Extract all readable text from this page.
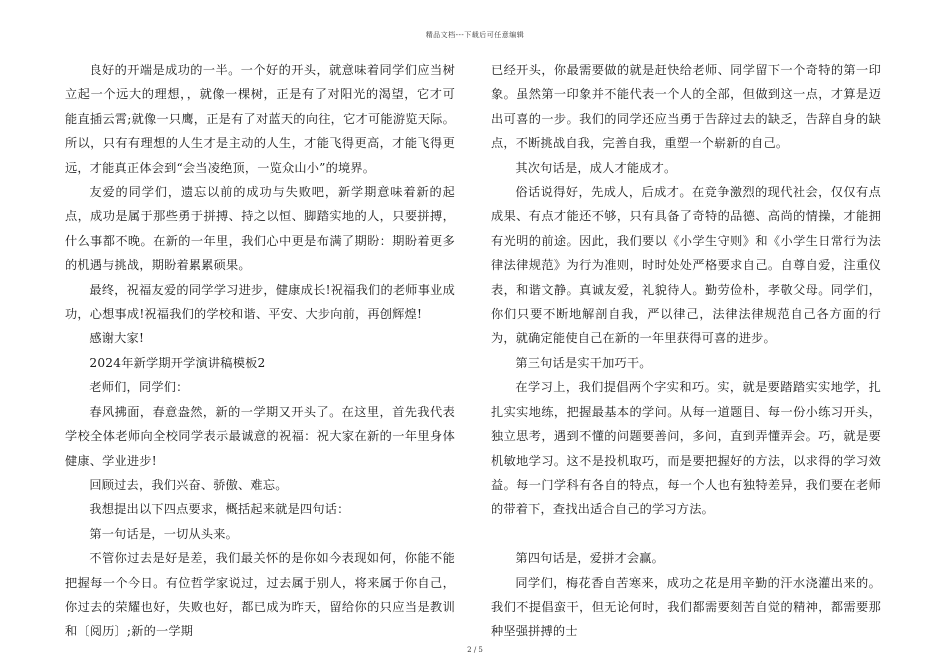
精品文档---下载后可任意编辑

良好的开端是成功的一半。一个好的开头，就意味着同学们应当树立起一个远大的理想，，就像一棵树，正是有了对阳光的渴望，它才可能直插云霄;就像一只鹰，正是有了对蓝天的向往，它才可能游览天际。所以，只有有理想的人生才是主动的人生，才能飞得更高，才能飞得更远，才能真正体会到“会当凌绝顶，一览众山小”的境界。

友爱的同学们，遗忘以前的成功与失败吧，新学期意味着新的起点，成功是属于那些勇于拼搏、持之以恒、脚踏实地的人，只要拼搏，什么事都不晚。在新的一年里，我们心中更是布满了期盼：期盼着更多的机遇与挑战，期盼着累累硕果。

最终，祝福友爱的同学学习进步，健康成长!祝福我们的老师事业成功，心想事成!祝福我们的学校和谐、平安、大步向前，再创辉煌!

感谢大家!

2024年新学期开学演讲稿模板2

老师们，同学们：

春风拂面，春意盎然，新的一学期又开头了。在这里，首先我代表学校全体老师向全校同学表示最诚意的祝福：祝大家在新的一年里身体健康、学业进步!

回顾过去，我们兴奋、骄傲、难忘。

我想提出以下四点要求，概括起来就是四句话：

第一句话是，一切从头来。

不管你过去是好是差，我们最关怀的是你如今表现如何，你能不能把握每一个今日。有位哲学家说过，过去属于别人，将来属于你自己，你过去的荣耀也好，失败也好，都已成为昨天，留给你的只应当是教训和〔阅历〕;新的一学期

已经开头，你最需要做的就是赶快给老师、同学留下一个奇特的第一印象。虽然第一印象并不能代表一个人的全部，但做到这一点，才算是迈出可喜的一步。我们的同学还应当勇于告辞过去的缺乏，告辞自身的缺点，不断挑战自我，完善自我，重塑一个崭新的自己。

其次句话是，成人才能成才。

俗话说得好，先成人，后成才。在竞争激烈的现代社会，仅仅有点成果、有点才能还不够，只有具备了奇特的品德、高尚的情操，才能拥有光明的前途。因此，我们要以《小学生守则》和《小学生日常行为法律法律规范》为行为准则，时时处处严格要求自己。自尊自爱，注重仪表，和谐文静。真诚友爱，礼貌待人。勤劳俭朴，孝敬父母。同学们，你们只要不断地解剖自我，严以律己，法律法律规范自己各方面的行为，就确定能使自己在新的一年里获得可喜的进步。

第三句话是实干加巧干。

在学习上，我们提倡两个字实和巧。实，就是要踏踏实实地学，扎扎实实地练，把握最基本的学问。从每一道题目、每一份小练习开头，独立思考，遇到不懂的问题要善问，多问，直到弄懂弄会。巧，就是要机敏地学习。这不是投机取巧，而是要把握好的方法，以求得的学习效益。每一门学科有各自的特点，每一个人也有独特差异，我们要在老师的带着下，查找出适合自己的学习方法。

第四句话是，爱拼才会赢。

同学们，梅花香自苦寒来，成功之花是用辛勤的汗水浇灌出来的。我们不提倡蛮干，但无论何时，我们都需要刻苦自觉的精神，都需要那种坚强拼搏的士

2 / 5
